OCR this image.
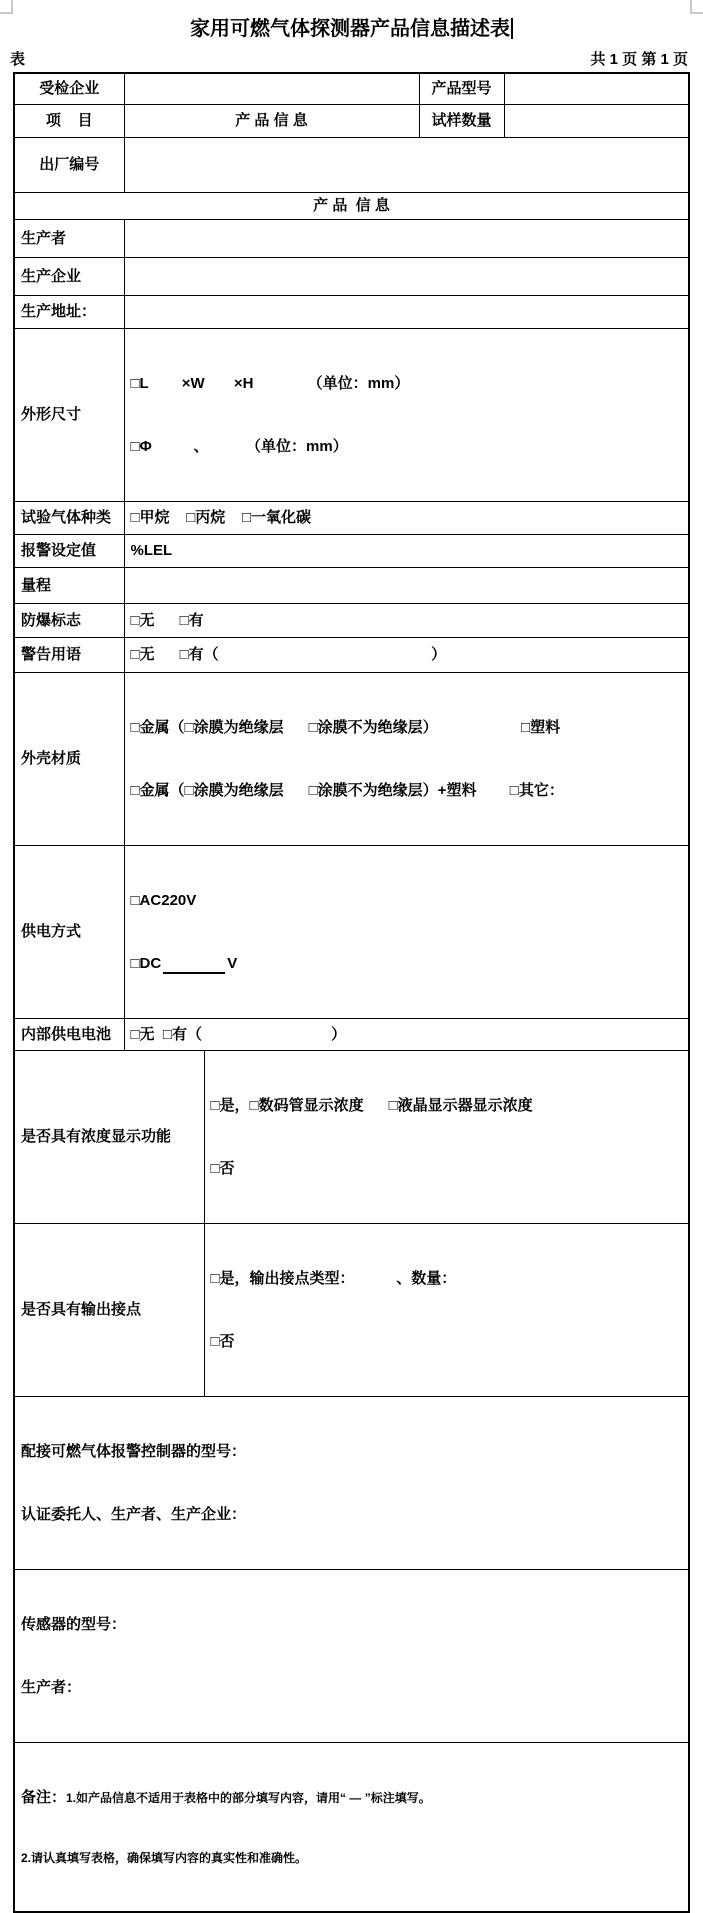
家用可燃气体探测器产品信息描述表
表	共 1 页 第 1 页
受检企业			产品型号	
项    目	产 品 信 息		试样数量	
出厂编号				
产 品  信 息				
生产者				
生产企业				
生产地址：				
外形尺寸	□L        ×W       ×H             （单位：mm）

□Φ          、         （单位：mm）			

试验气体种类	□甲烷    □丙烷    □一氧化碳			
报警设定值	%LEL			
量程				
防爆标志	□无      □有			
警告用语	□无      □有（                                                   ）			
外壳材质	□金属（□涂膜为绝缘层      □涂膜不为绝缘层）                    □塑料

□金属（□涂膜为绝缘层      □涂膜不为绝缘层）+塑料        □其它：			

供电方式	□AC220V

□DC V			

内部供电电池	□无  □有（                               ）			
是否具有浓度显示功能		□是，□数码管显示浓度      □液晶显示器显示浓度

□否		

是否具有输出接点		□是，输出接点类型：          、数量：

□否		

配接可燃气体报警控制器的型号：

认证委托人、生产者、生产企业：				

传感器的型号：

生产者：				

备注：1.如产品信息不适用于表格中的部分填写内容，请用“ — ”标注填写。

2.请认真填写表格，确保填写内容的真实性和准确性。				
